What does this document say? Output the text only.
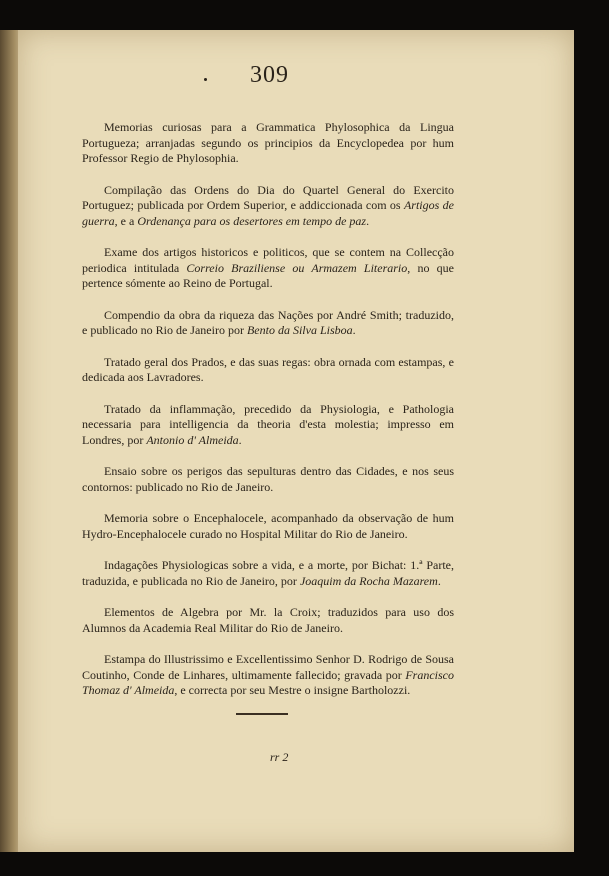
309

Memorias curiosas para a Grammatica Phylosophica da Lingua Portugueza; arranjadas segundo os principios da Encyclopedea por hum Professor Regio de Phylosophia.

Compilação das Ordens do Dia do Quartel General do Exercito Portuguez; publicada por Ordem Superior, e addiccionada com os Artigos de guerra, e a Ordenança para os desertores em tempo de paz.

Exame dos artigos historicos e politicos, que se contem na Collecção periodica intitulada Correio Braziliense ou Armazem Literario, no que pertence sómente ao Reino de Portugal.

Compendio da obra da riqueza das Nações por André Smith; traduzido, e publicado no Rio de Janeiro por Bento da Silva Lisboa.

Tratado geral dos Prados, e das suas regas: obra ornada com estampas, e dedicada aos Lavradores.

Tratado da inflammação, precedido da Physiologia, e Pathologia necessaria para intelligencia da theoria d'esta molestia; impresso em Londres, por Antonio d' Almeida.

Ensaio sobre os perigos das sepulturas dentro das Cidades, e nos seus contornos: publicado no Rio de Janeiro.

Memoria sobre o Encephalocele, acompanhado da observação de hum Hydro-Encephalocele curado no Hospital Militar do Rio de Janeiro.

Indagações Physiologicas sobre a vida, e a morte, por Bichat: 1.ª Parte, traduzida, e publicada no Rio de Janeiro, por Joaquim da Rocha Mazarem.

Elementos de Algebra por Mr. la Croix; traduzidos para uso dos Alumnos da Academia Real Militar do Rio de Janeiro.

Estampa do Illustrissimo e Excellentissimo Senhor D. Rodrigo de Sousa Coutinho, Conde de Linhares, ultimamente fallecido; gravada por Francisco Thomaz d' Almeida, e correcta por seu Mestre o insigne Bartholozzi.

rr 2
